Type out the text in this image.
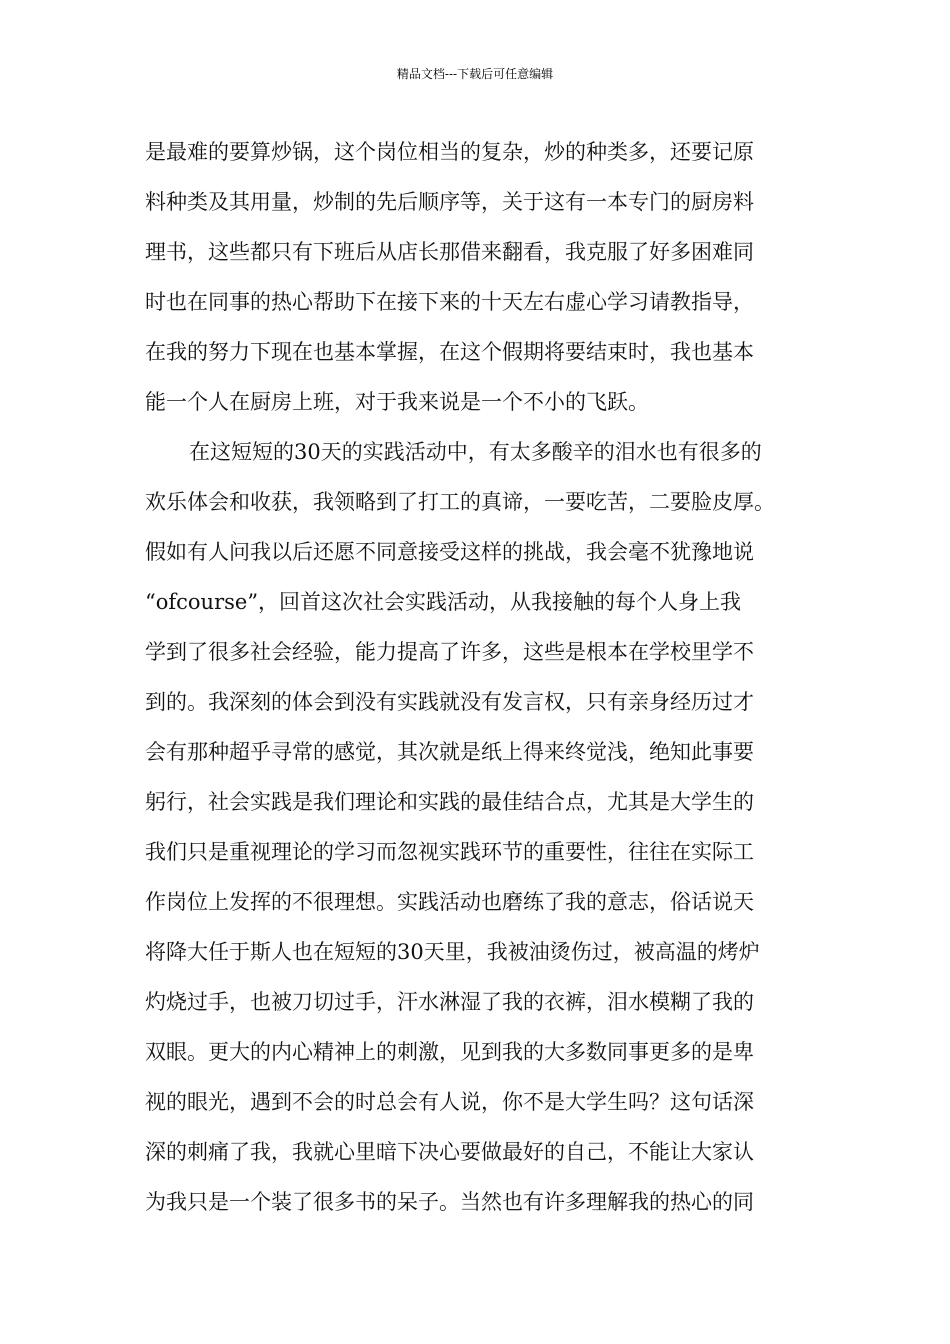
精品文档---下载后可任意编辑
是最难的要算炒锅，这个岗位相当的复杂，炒的种类多，还要记原
料种类及其用量，炒制的先后顺序等，关于这有一本专门的厨房料
理书，这些都只有下班后从店长那借来翻看，我克服了好多困难同
时也在同事的热心帮助下在接下来的十天左右虚心学习请教指导，
在我的努力下现在也基本掌握，在这个假期将要结束时，我也基本
能一个人在厨房上班，对于我来说是一个不小的飞跃。
在这短短的30天的实践活动中，有太多酸辛的泪水也有很多的
欢乐体会和收获，我领略到了打工的真谛，一要吃苦，二要脸皮厚。
假如有人问我以后还愿不同意接受这样的挑战，我会毫不犹豫地说
“ofcourse”，回首这次社会实践活动，从我接触的每个人身上我
学到了很多社会经验，能力提高了许多，这些是根本在学校里学不
到的。我深刻的体会到没有实践就没有发言权，只有亲身经历过才
会有那种超乎寻常的感觉，其次就是纸上得来终觉浅，绝知此事要
躬行，社会实践是我们理论和实践的最佳结合点，尤其是大学生的
我们只是重视理论的学习而忽视实践环节的重要性，往往在实际工
作岗位上发挥的不很理想。实践活动也磨练了我的意志，俗话说天
将降大任于斯人也在短短的30天里，我被油烫伤过，被高温的烤炉
灼烧过手，也被刀切过手，汗水淋湿了我的衣裤，泪水模糊了我的
双眼。更大的内心精神上的刺激，见到我的大多数同事更多的是卑
视的眼光，遇到不会的时总会有人说，你不是大学生吗？这句话深
深的刺痛了我，我就心里暗下决心要做最好的自己，不能让大家认
为我只是一个装了很多书的呆子。当然也有许多理解我的热心的同
